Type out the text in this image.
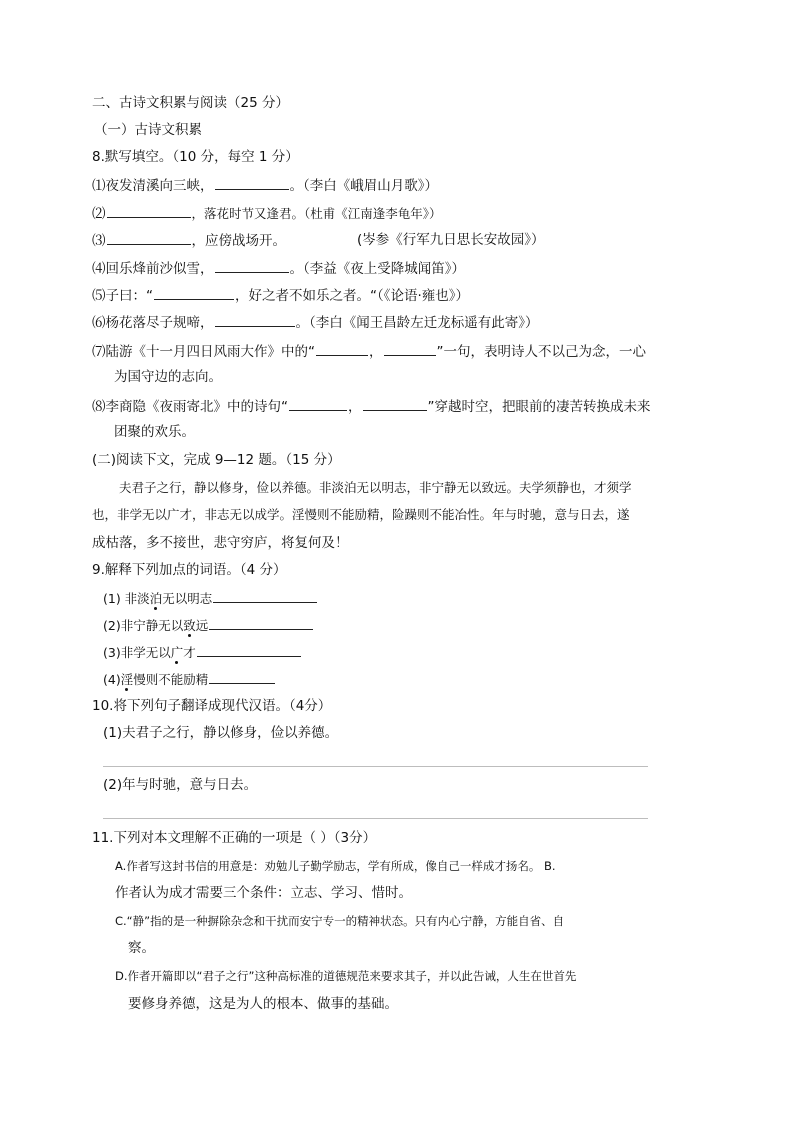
二、古诗文积累与阅读（25 分）
（一）古诗文积累
8.默写填空。（10 分，每空 1 分）
⑴夜发清溪向三峡，	。（李白《峨眉山月歌》）
⑵	，落花时节又逢君。（杜甫《江南逢李龟年》）
⑶	，应傍战场开。	(岑参《行军九日思长安故园》）
⑷回乐烽前沙似雪，	。（李益《夜上受降城闻笛》）
⑸子曰：“	，好之者不如乐之者。“（《论语·雍也》）
⑹杨花落尽子规啼，	。（李白《闻王昌龄左迁龙标遥有此寄》）
⑺陆游《十一月四日风雨大作》中的“	，	”一句，表明诗人不以己为念，一心
为国守边的志向。
⑻李商隐《夜雨寄北》中的诗句“	，	”穿越时空，把眼前的凄苦转换成未来
团聚的欢乐。
(二)阅读下文，完成 9—12 题。（15 分）
夫君子之行，静以修身，俭以养德。非淡泊无以明志，非宁静无以致远。夫学须静也，才须学
也，非学无以广才，非志无以成学。淫慢则不能励精，险躁则不能冶性。年与时驰，意与日去，遂
成枯落，多不接世，悲守穷庐，将复何及！
9.解释下列加点的词语。（4 分）
(1) 非淡泊无以明志
(2)非宁静无以致远
(3)非学无以广才
(4)淫慢则不能励精
10.将下列句子翻译成现代汉语。（4分）
(1)夫君子之行，静以修身，俭以养德。
(2)年与时驰，意与日去。
11.下列对本文理解不正确的一项是（ ）（3分）
A.作者写这封书信的用意是：劝勉儿子勤学励志，学有所成，像自己一样成才扬名。 B.
作者认为成才需要三个条件：立志、学习、惜时。
C.“静”指的是一种摒除杂念和干扰而安宁专一的精神状态。只有内心宁静，方能自省、自
察。
D.作者开篇即以“君子之行”这种高标准的道德规范来要求其子，并以此告诫，人生在世首先
要修身养德，这是为人的根本、做事的基础。
